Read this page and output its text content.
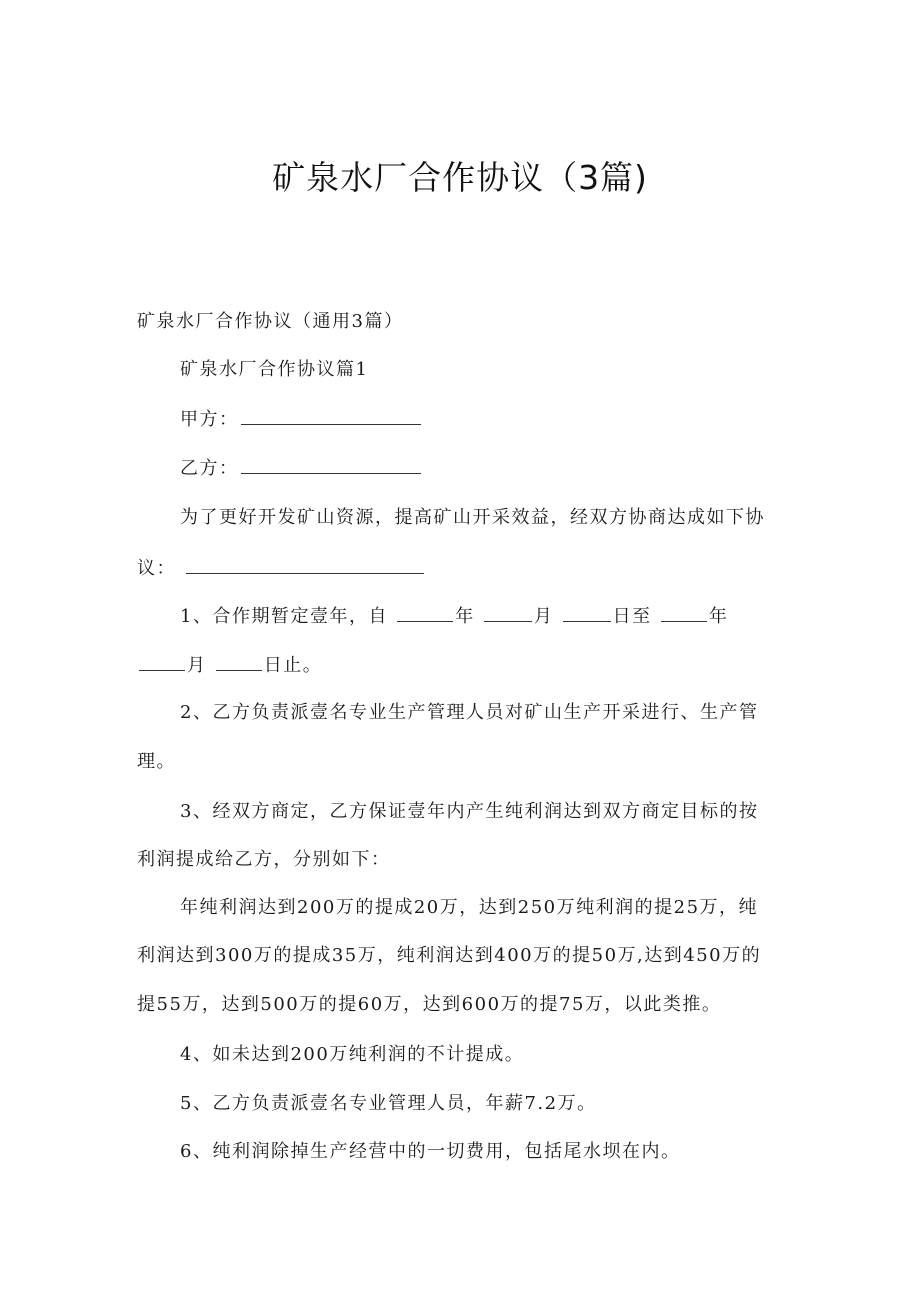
矿泉水厂合作协议（3篇)
矿泉水厂合作协议（通用3篇）
矿泉水厂合作协议篇1
甲方：
乙方：
为了更好开发矿山资源，提高矿山开采效益，经双方协商达成如下协
议：
1、合作期暂定壹年，自	年	月	日至	年
月	日止。
2、乙方负责派壹名专业生产管理人员对矿山生产开采进行、生产管
理。
3、经双方商定，乙方保证壹年内产生纯利润达到双方商定目标的按
利润提成给乙方，分别如下：
年纯利润达到200万的提成20万，达到250万纯利润的提25万，纯
利润达到300万的提成35万，纯利润达到400万的提50万,达到450万的
提55万，达到500万的提60万，达到600万的提75万，以此类推。
4、如未达到200万纯利润的不计提成。
5、乙方负责派壹名专业管理人员，年薪7.2万。
6、纯利润除掉生产经营中的一切费用，包括尾水坝在内。
